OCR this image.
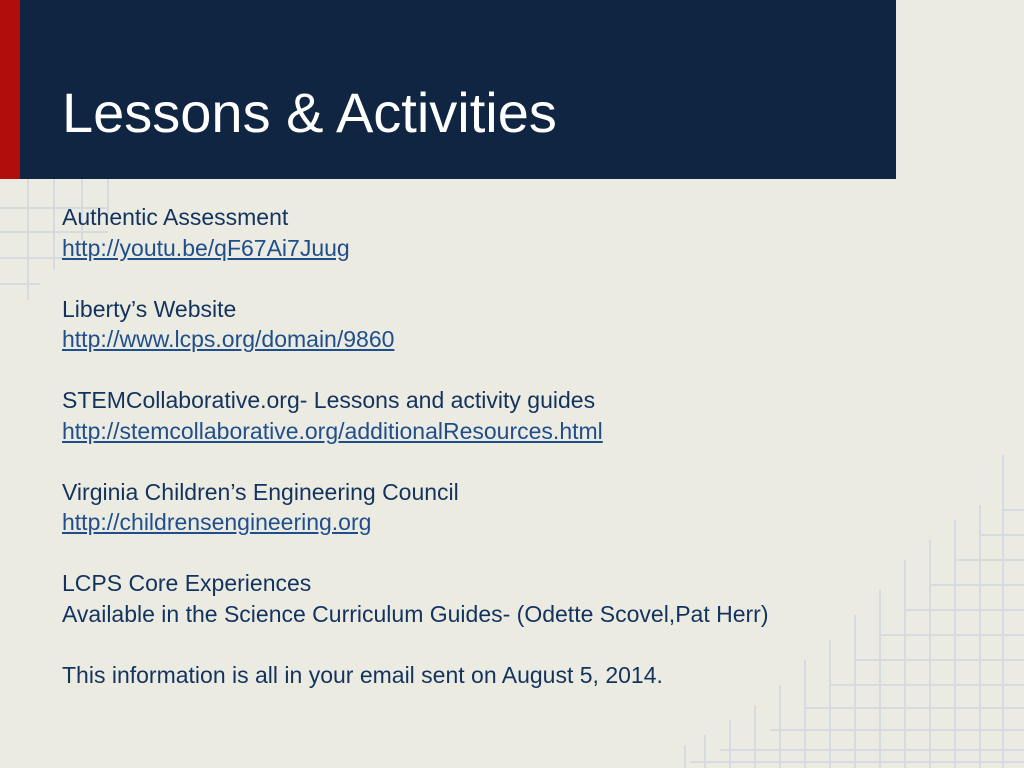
Lessons & Activities
Authentic Assessment
http://youtu.be/qF67Ai7Juug
Liberty’s Website
http://www.lcps.org/domain/9860
STEMCollaborative.org- Lessons and activity guides
http://stemcollaborative.org/additionalResources.html
Virginia Children’s Engineering Council
http://childrensengineering.org
LCPS Core Experiences
Available in the Science Curriculum Guides- (Odette Scovel,Pat Herr)
This information is all in your email sent on August 5, 2014.
